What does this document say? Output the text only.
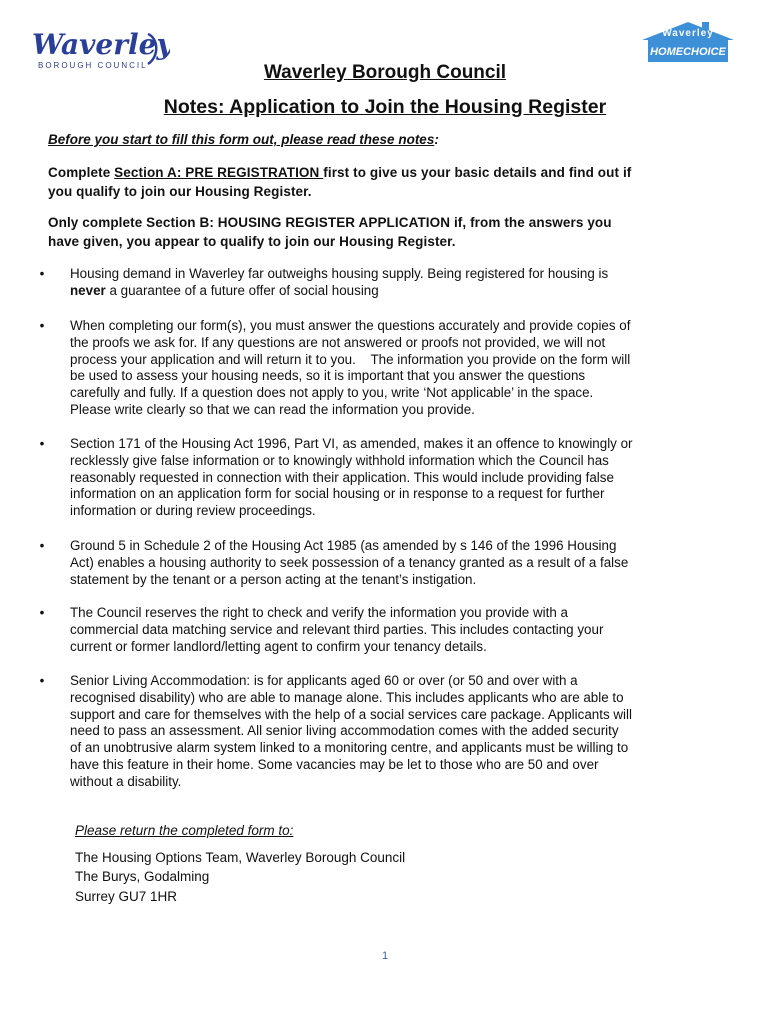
Waverley
BOROUGH COUNCIL
Waverley
HOMECHOICE
Waverley Borough Council
Notes: Application to Join the Housing Register
Before you start to fill this form out, please read these notes:
Complete Section A: PRE REGISTRATION first to give us your basic details and find out if
you qualify to join our Housing Register.
Only complete Section B: HOUSING REGISTER APPLICATION if, from the answers you
have given, you appear to qualify to join our Housing Register.
• Housing demand in Waverley far outweighs housing supply. Being registered for housing is
never a guarantee of a future offer of social housing
• When completing our form(s), you must answer the questions accurately and provide copies of
the proofs we ask for. If any questions are not answered or proofs not provided, we will not
process your application and will return it to you.    The information you provide on the form will
be used to assess your housing needs, so it is important that you answer the questions
carefully and fully. If a question does not apply to you, write ‘Not applicable’ in the space.
Please write clearly so that we can read the information you provide.
• Section 171 of the Housing Act 1996, Part VI, as amended, makes it an offence to knowingly or
recklessly give false information or to knowingly withhold information which the Council has
reasonably requested in connection with their application. This would include providing false
information on an application form for social housing or in response to a request for further
information or during review proceedings.
• Ground 5 in Schedule 2 of the Housing Act 1985 (as amended by s 146 of the 1996 Housing
Act) enables a housing authority to seek possession of a tenancy granted as a result of a false
statement by the tenant or a person acting at the tenant’s instigation.
• The Council reserves the right to check and verify the information you provide with a
commercial data matching service and relevant third parties. This includes contacting your
current or former landlord/letting agent to confirm your tenancy details.
• Senior Living Accommodation: is for applicants aged 60 or over (or 50 and over with a
recognised disability) who are able to manage alone. This includes applicants who are able to
support and care for themselves with the help of a social services care package. Applicants will
need to pass an assessment. All senior living accommodation comes with the added security
of an unobtrusive alarm system linked to a monitoring centre, and applicants must be willing to
have this feature in their home. Some vacancies may be let to those who are 50 and over
without a disability.
Please return the completed form to:
The Housing Options Team, Waverley Borough Council
The Burys, Godalming
Surrey GU7 1HR
1
